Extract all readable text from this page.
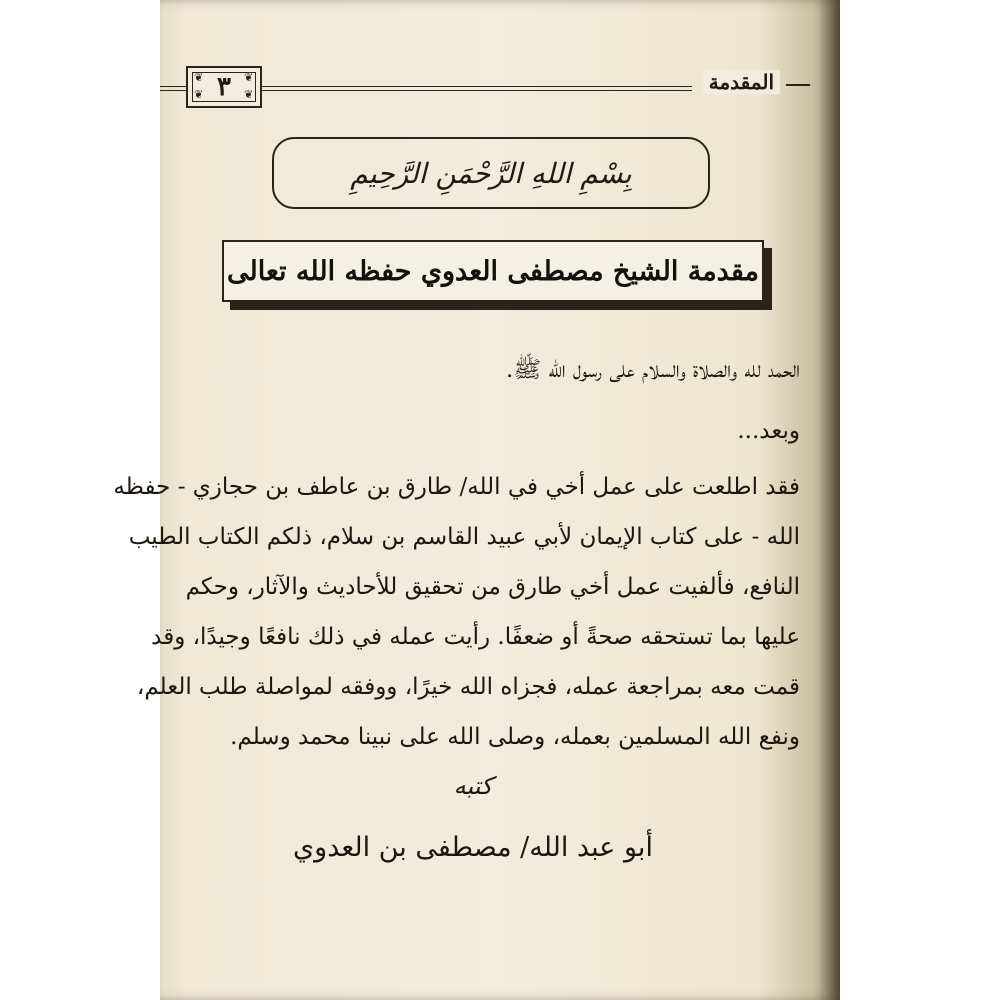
❦	❦
❦	❦
٣	المقدمة
بِسْمِ اللهِ الرَّحْمَنِ الرَّحِيمِ
مقدمة الشيخ مصطفى العدوي حفظه الله تعالى
الحمد لله والصلاة والسلام على رسول الله ﷺ.
وبعد...
فقد اطلعت على عمل أخي في الله/ طارق بن عاطف بن حجازي - حفظه
الله - على كتاب الإيمان لأبي عبيد القاسم بن سلام، ذلكم الكتاب الطيب
النافع، فألفيت عمل أخي طارق من تحقيق للأحاديث والآثار، وحكم
عليها بما تستحقه صحةً أو ضعفًا. رأيت عمله في ذلك نافعًا وجيدًا، وقد
قمت معه بمراجعة عمله، فجزاه الله خيرًا، ووفقه لمواصلة طلب العلم،
ونفع الله المسلمين بعمله، وصلى الله على نبينا محمد وسلم.
كتبه
أبو عبد الله/ مصطفى بن العدوي
